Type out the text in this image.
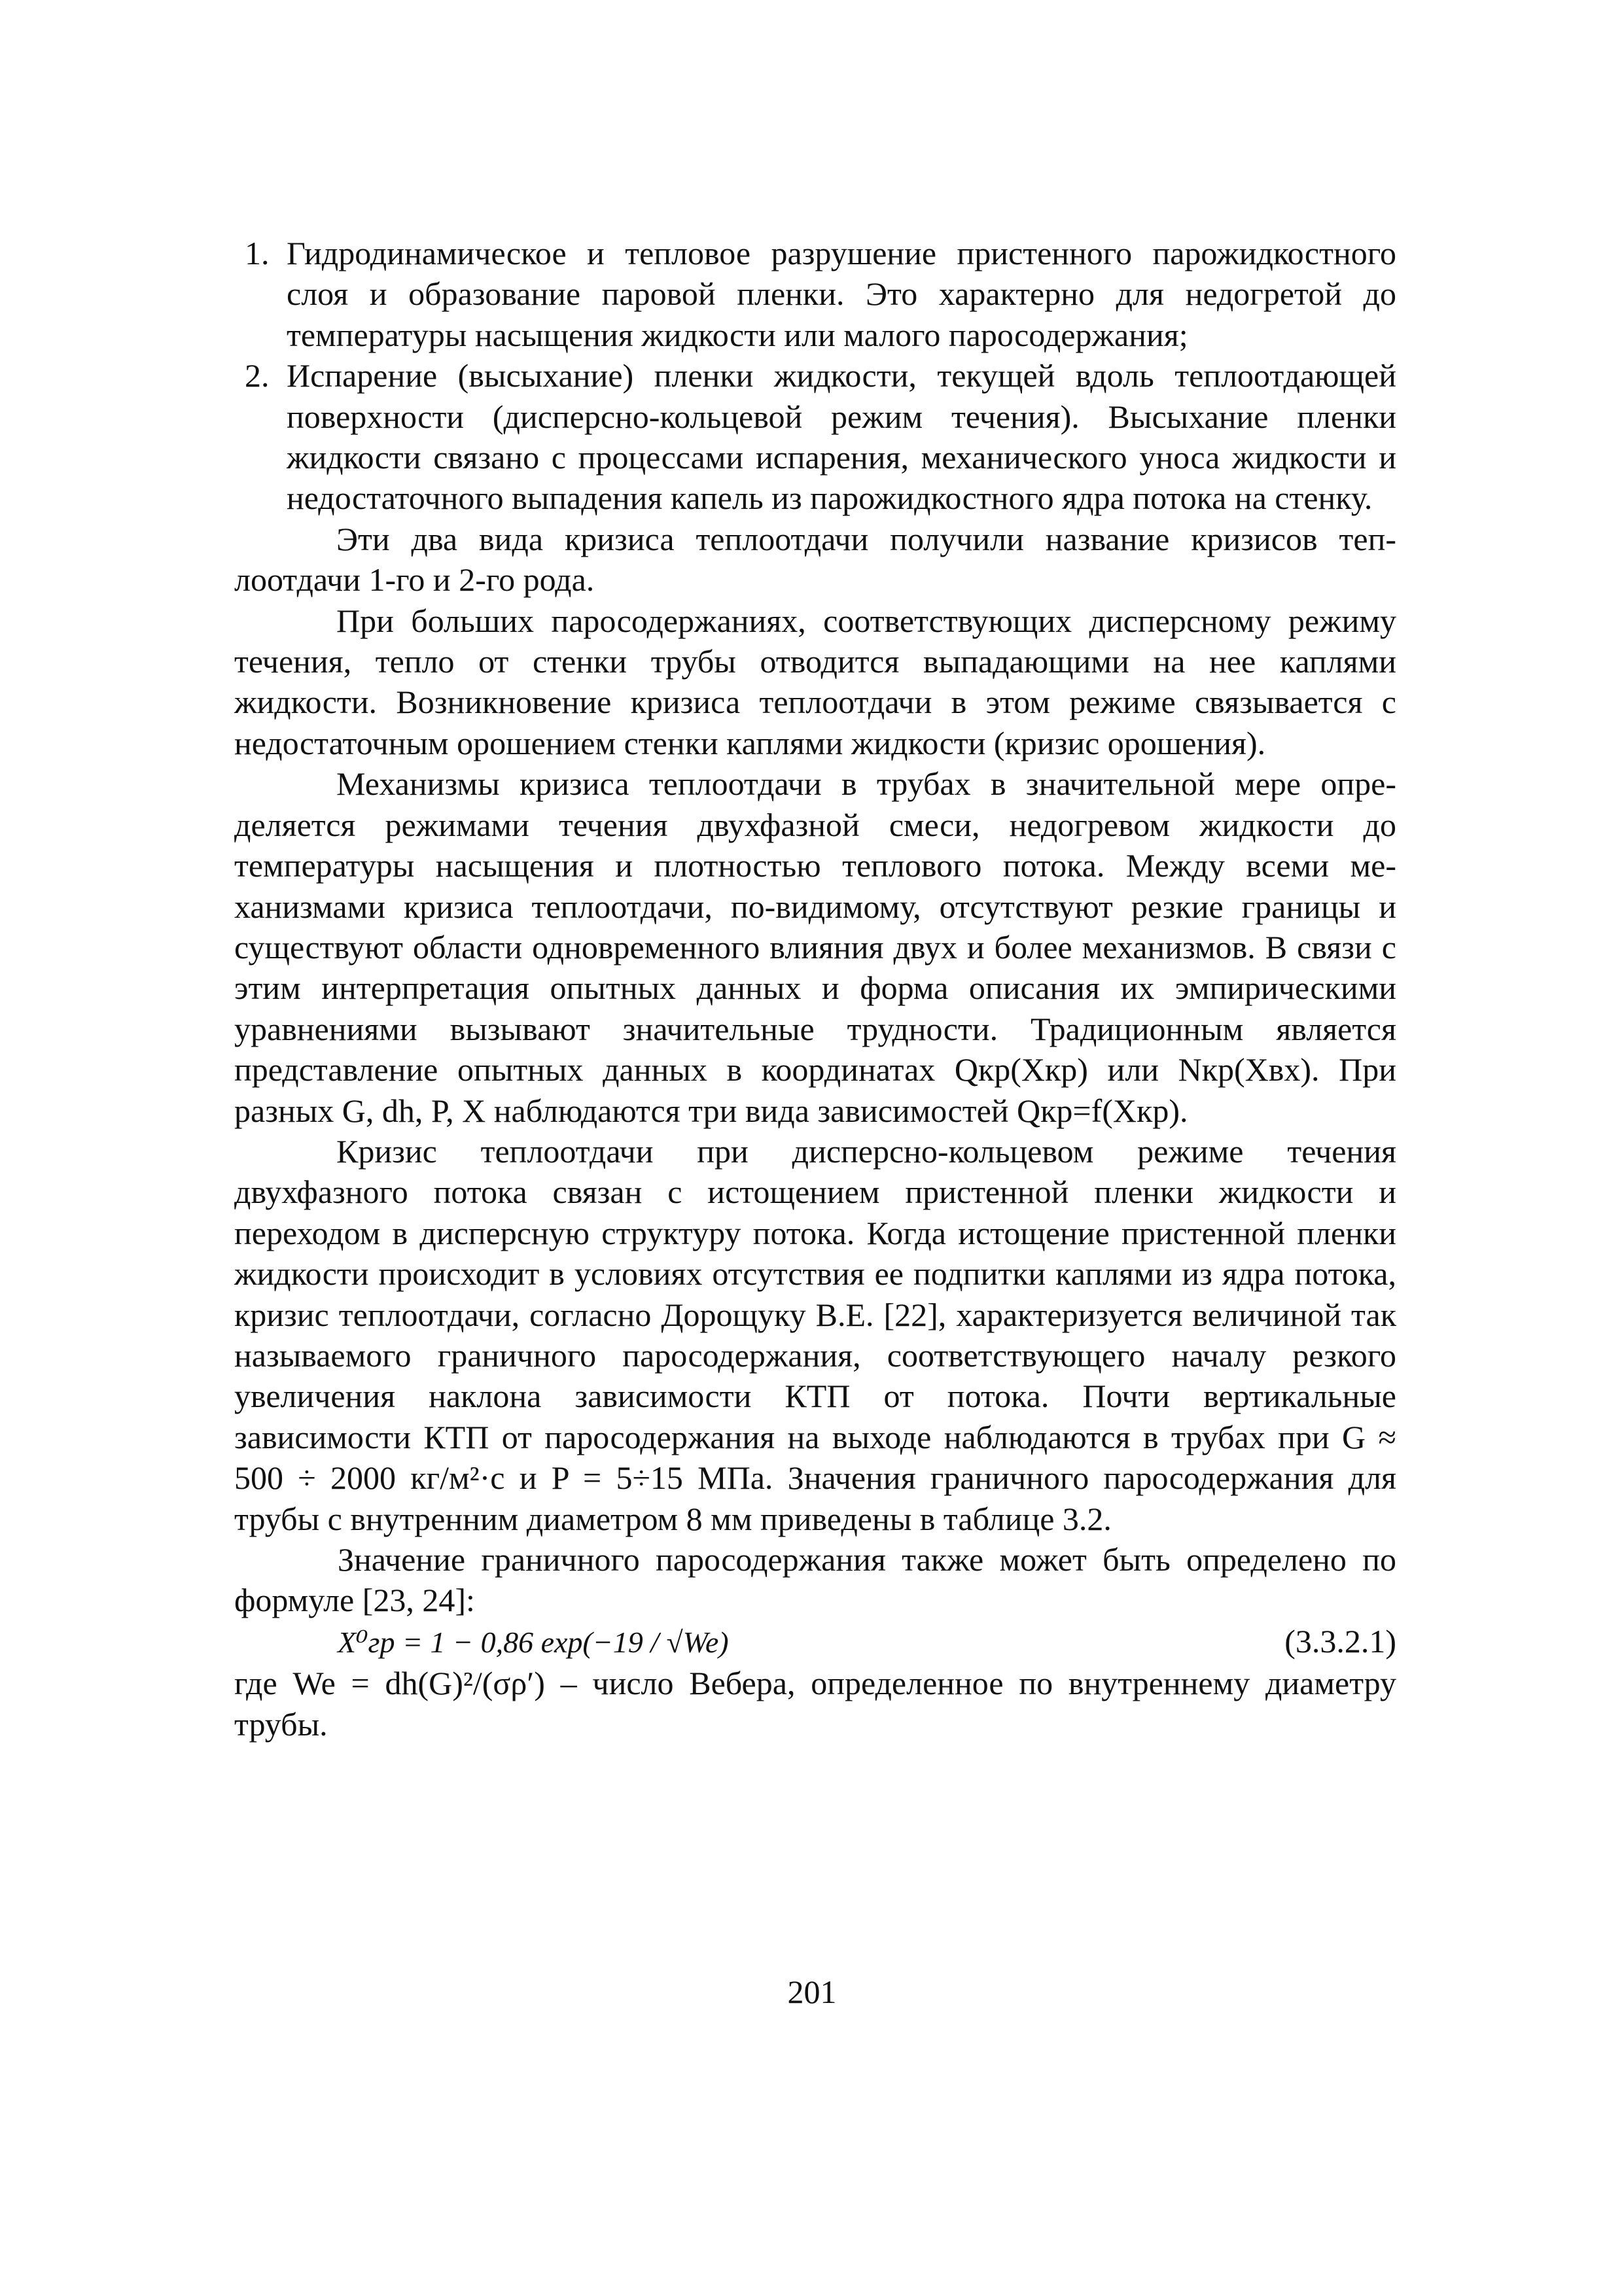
1. Гидродинамическое и тепловое разрушение пристенного парожидкостного слоя и образование паровой пленки. Это характерно для недогретой до температуры насыщения жидкости или малого паросодержания;
2. Испарение (высыхание) пленки жидкости, текущей вдоль теплоотдающей поверхности (дисперсно-кольцевой режим течения). Высыхание пленки жидкости связано с процессами испарения, механического уноса жидкости и недостаточного выпадения капель из парожидкостного ядра потока на стенку.

Эти два вида кризиса теплоотдачи получили название кризисов теплоотдачи 1-го и 2-го рода.

При больших паросодержаниях, соответствующих дисперсному режиму течения, тепло от стенки трубы отводится выпадающими на нее каплями жидкости. Возникновение кризиса теплоотдачи в этом режиме связывается с недостаточным орошением стенки каплями жидкости (кризис орошения).

Механизмы кризиса теплоотдачи в трубах в значительной мере определяется режимами течения двухфазной смеси, недогревом жидкости до температуры насыщения и плотностью теплового потока. Между всеми механизмами кризиса теплоотдачи, по-видимому, отсутствуют резкие границы и существуют области одновременного влияния двух и более механизмов. В связи с этим интерпретация опытных данных и форма описания их эмпирическими уравнениями вызывают значительные трудности. Традиционным является представление опытных данных в координатах Qкр(Xкр) или Nкр(Xвх). При разных G, dh, P, X наблюдаются три вида зависимостей Qкр=f(Xкр).

Кризис теплоотдачи при дисперсно-кольцевом режиме течения двухфазного потока связан с истощением пристенной пленки жидкости и переходом в дисперсную структуру потока. Когда истощение пристенной пленки жидкости происходит в условиях отсутствия ее подпитки каплями из ядра потока, кризис теплоотдачи, согласно Дорощуку В.Е. [22], характеризуется величиной так называемого граничного паросодержания, соответствующего началу резкого увеличения наклона зависимости КТП от потока. Почти вертикальные зависимости КТП от паросодержания на выходе наблюдаются в трубах при G ≈ 500 ÷ 2000 кг/м²·с и P = 5÷15 МПа. Значения граничного паросодержания для трубы с внутренним диаметром 8 мм приведены в таблице 3.2.

Значение граничного паросодержания также может быть определено по формуле [23, 24]:

X⁰гр = 1 − 0,86 exp(−19 / √We)	(3.3.2.1)

где We = dh(G)²/(σρ′) – число Вебера, определенное по внутреннему диаметру трубы.

201
